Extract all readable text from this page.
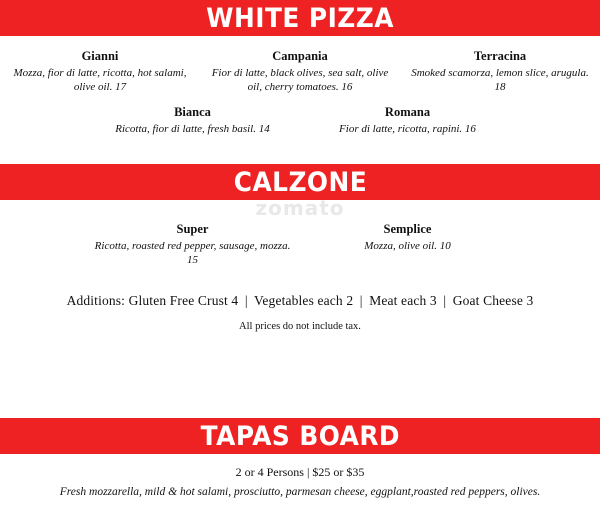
WHITE PIZZA
Gianni
Mozza, fior di latte, ricotta, hot salami, olive oil. 17
Campania
Fior di latte, black olives, sea salt, olive oil, cherry tomatoes. 16
Terracina
Smoked scamorza, lemon slice, arugula. 18
Bianca
Ricotta, fior di latte, fresh basil. 14
Romana
Fior di latte, ricotta, rapini. 16
CALZONE
Super
Ricotta, roasted red pepper, sausage, mozza. 15
Semplice
Mozza, olive oil. 10
Additions: Gluten Free Crust 4 | Vegetables each 2 | Meat each 3 | Goat Cheese 3
All prices do not include tax.
TAPAS BOARD
2 or 4 Persons | $25 or $35
Fresh mozzarella, mild & hot salami, prosciutto, parmesan cheese, eggplant,roasted red peppers, olives.
zomato
